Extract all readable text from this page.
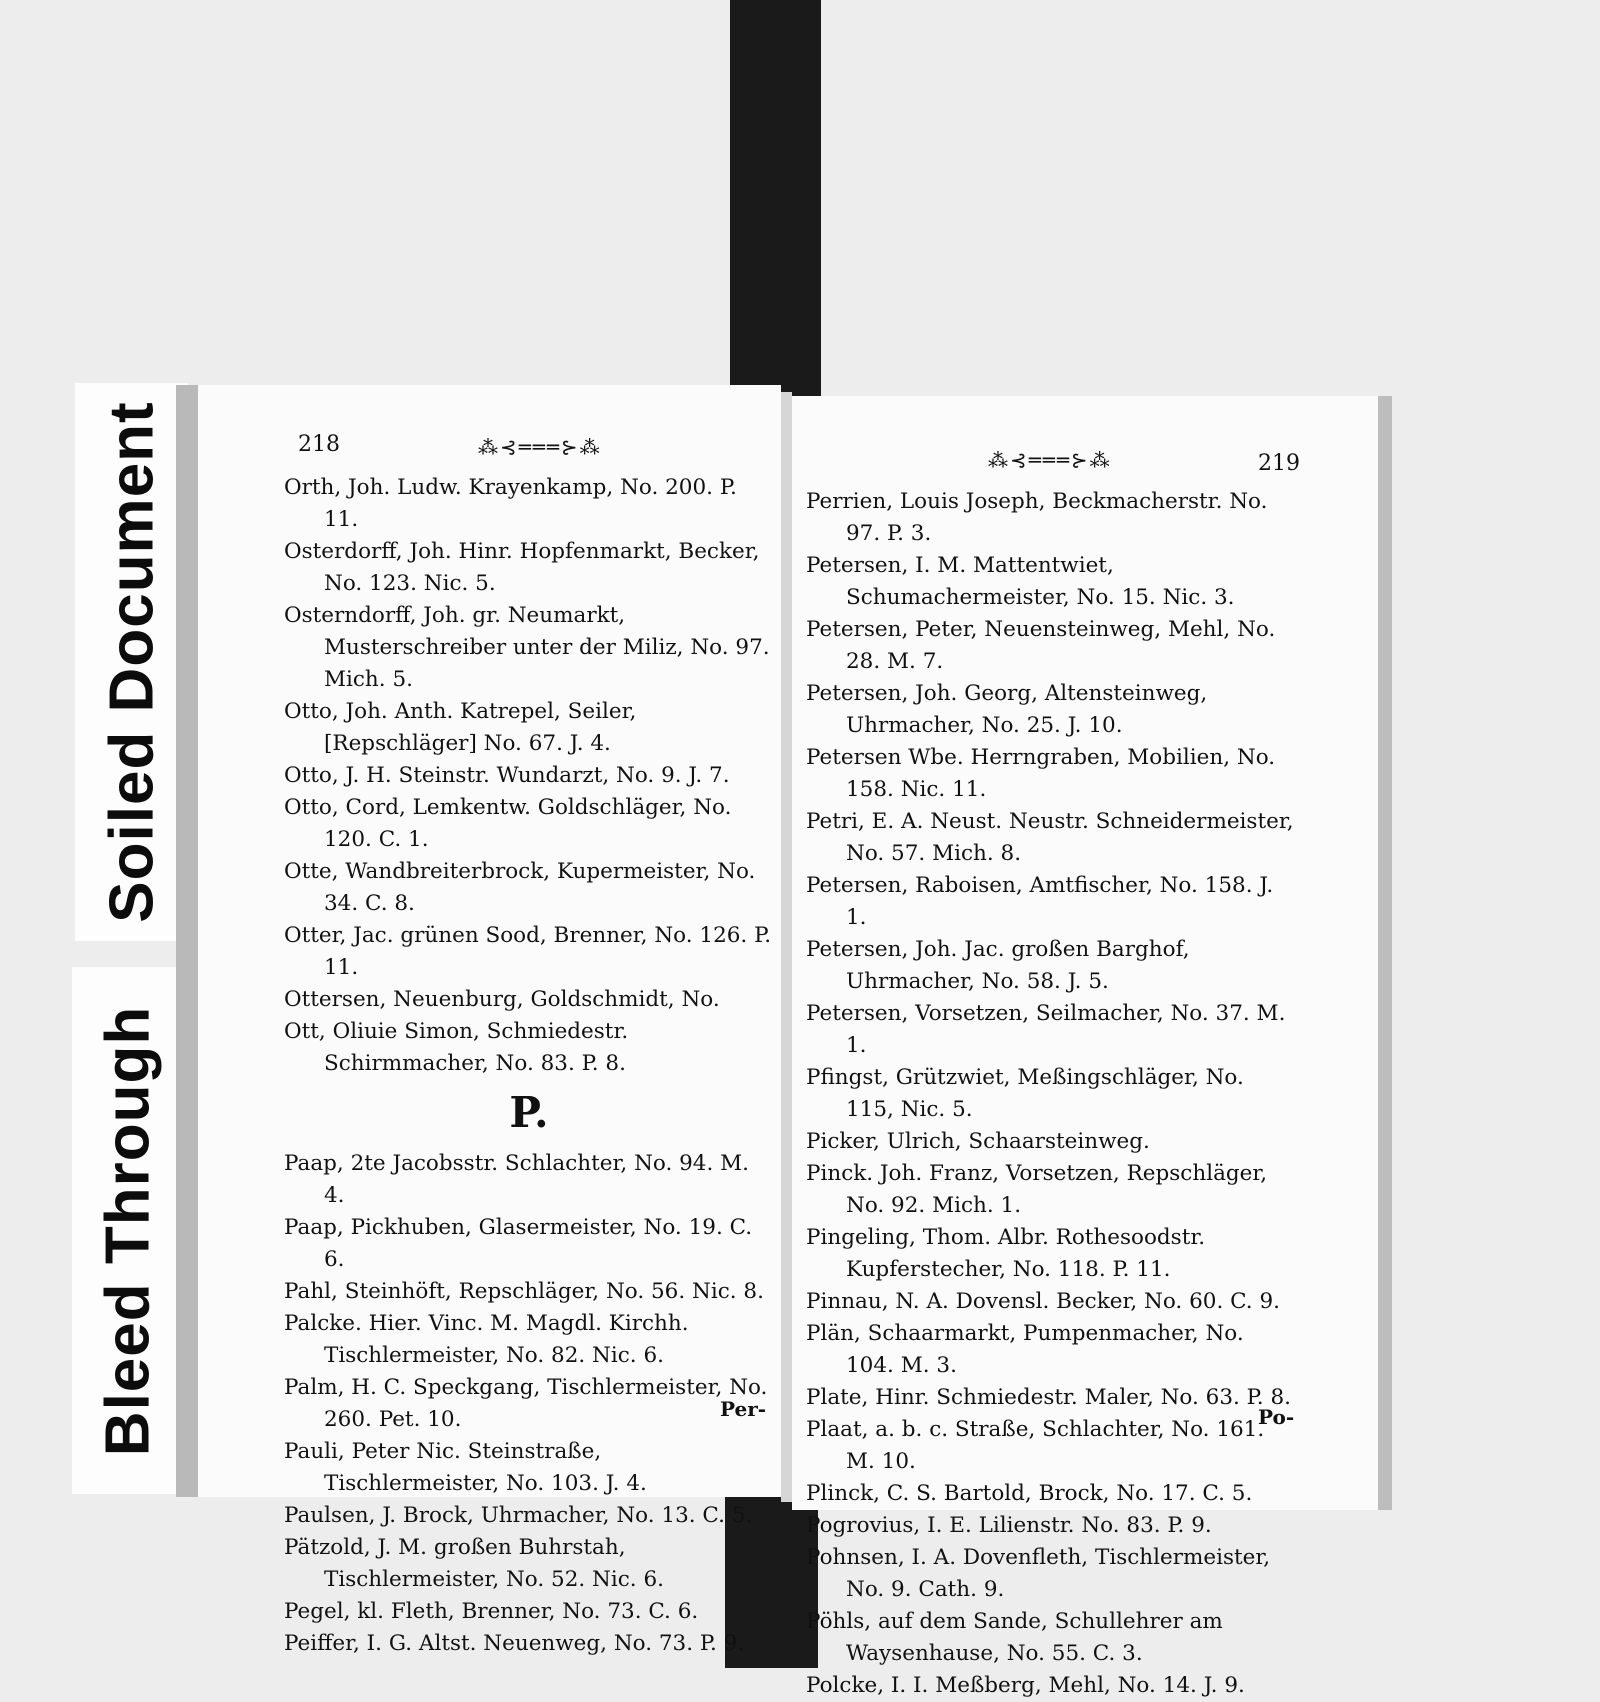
Soiled Document
Bleed Through
218	⁂⊰═══⊱⁂
⁂⊰═══⊱⁂	219
Orth, Joh. Ludw. Krayenkamp, No. 200. P. 11.
Osterdorff, Joh. Hinr. Hopfenmarkt, Becker, No. 123. Nic. 5.
Osterndorff, Joh. gr. Neumarkt, Musterschreiber unter der Miliz, No. 97. Mich. 5.
Otto, Joh. Anth. Katrepel, Seiler, [Repschläger] No. 67. J. 4.
Otto, J. H. Steinstr. Wundarzt, No. 9. J. 7.
Otto, Cord, Lemkentw. Goldschläger, No. 120. C. 1.
Otte, Wandbreiterbrock, Kupermeister, No. 34. C. 8.
Otter, Jac. grünen Sood, Brenner, No. 126. P. 11.
Ottersen, Neuenburg, Goldschmidt, No.
Ott, Oliuie Simon, Schmiedestr. Schirmmacher, No. 83. P. 8.
P.
Paap, 2te Jacobsstr. Schlachter, No. 94. M. 4.
Paap, Pickhuben, Glasermeister, No. 19. C. 6.
Pahl, Steinhöft, Repschläger, No. 56. Nic. 8.
Palcke. Hier. Vinc. M. Magdl. Kirchh. Tischlermeister, No. 82. Nic. 6.
Palm, H. C. Speckgang, Tischlermeister, No. 260. Pet. 10.
Pauli, Peter Nic. Steinstraße, Tischlermeister, No. 103. J. 4.
Paulsen, J. Brock, Uhrmacher, No. 13. C. 5.
Pätzold, J. M. großen Buhrstah, Tischlermeister, No. 52. Nic. 6.
Pegel, kl. Fleth, Brenner, No. 73. C. 6.
Peiffer, I. G. Altst. Neuenweg, No. 73. P. 9.
Per-
Perrien, Louis Joseph, Beckmacherstr. No. 97. P. 3.
Petersen, I. M. Mattentwiet, Schumachermeister, No. 15. Nic. 3.
Petersen, Peter, Neuensteinweg, Mehl, No. 28. M. 7.
Petersen, Joh. Georg, Altensteinweg, Uhrmacher, No. 25. J. 10.
Petersen Wbe. Herrngraben, Mobilien, No. 158. Nic. 11.
Petri, E. A. Neust. Neustr. Schneidermeister, No. 57. Mich. 8.
Petersen, Raboisen, Amtfischer, No. 158. J. 1.
Petersen, Joh. Jac. großen Barghof, Uhrmacher, No. 58. J. 5.
Petersen, Vorsetzen, Seilmacher, No. 37. M. 1.
Pfingst, Grützwiet, Meßingschläger, No. 115, Nic. 5.
Picker, Ulrich, Schaarsteinweg.
Pinck. Joh. Franz, Vorsetzen, Repschläger, No. 92. Mich. 1.
Pingeling, Thom. Albr. Rothesoodstr. Kupferstecher, No. 118. P. 11.
Pinnau, N. A. Dovensl. Becker, No. 60. C. 9.
Plän, Schaarmarkt, Pumpenmacher, No. 104. M. 3.
Plate, Hinr. Schmiedestr. Maler, No. 63. P. 8.
Plaat, a. b. c. Straße, Schlachter, No. 161. M. 10.
Plinck, C. S. Bartold, Brock, No. 17. C. 5.
Pogrovius, I. E. Lilienstr. No. 83. P. 9.
Pohnsen, I. A. Dovenfleth, Tischlermeister, No. 9. Cath. 9.
Pöhls, auf dem Sande, Schullehrer am Waysenhause, No. 55. C. 3.
Polcke, I. I. Meßberg, Mehl, No. 14. J. 9.
Po-
